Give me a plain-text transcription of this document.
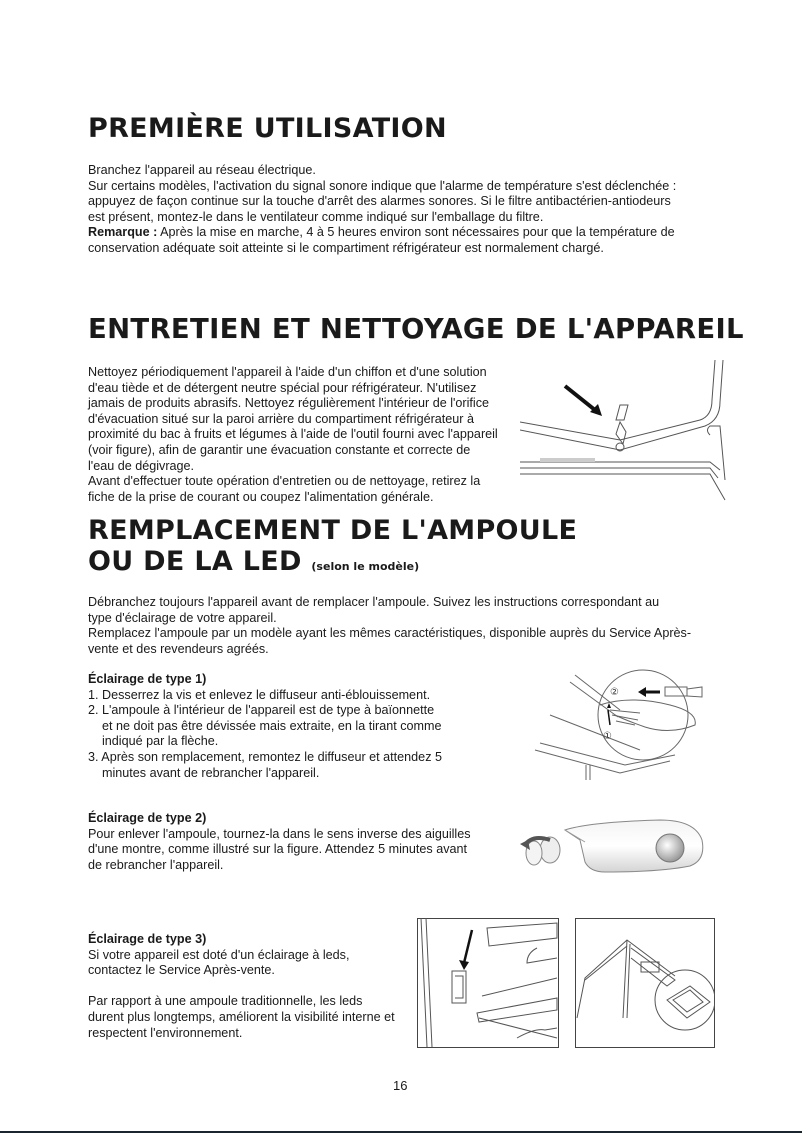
PREMIÈRE UTILISATION
Branchez l'appareil au réseau électrique.
Sur certains modèles, l'activation du signal sonore indique que l'alarme de température s'est déclenchée :
appuyez de façon continue sur la touche d'arrêt des alarmes sonores. Si le filtre antibactérien-antiodeurs
est présent, montez-le dans le ventilateur comme indiqué sur l'emballage du filtre.
Remarque : Après la mise en marche, 4 à 5 heures environ sont nécessaires pour que la température de
conservation adéquate soit atteinte si le compartiment réfrigérateur est normalement chargé.
ENTRETIEN ET NETTOYAGE DE L'APPAREIL
Nettoyez périodiquement l'appareil à l'aide d'un chiffon et d'une solution
d'eau tiède et de détergent neutre spécial pour réfrigérateur. N'utilisez
jamais de produits abrasifs. Nettoyez régulièrement l'intérieur de l'orifice
d'évacuation situé sur la paroi arrière du compartiment réfrigérateur à
proximité du bac à fruits et légumes à l'aide de l'outil fourni avec l'appareil
(voir figure), afin de garantir une évacuation constante et correcte de
l'eau de dégivrage.
Avant d'effectuer toute opération d'entretien ou de nettoyage, retirez la
fiche de la prise de courant ou coupez l'alimentation générale.
REMPLACEMENT DE L'AMPOULE
OU DE LA LED (selon le modèle)
Débranchez toujours l'appareil avant de remplacer l'ampoule. Suivez les instructions correspondant au
type d'éclairage de votre appareil.
Remplacez l'ampoule par un modèle ayant les mêmes caractéristiques, disponible auprès du Service Après-
vente et des revendeurs agréés.
Éclairage de type 1)
1. Desserrez la vis et enlevez le diffuseur anti-éblouissement.
2. L'ampoule à l'intérieur de l'appareil est de type à baïonnette
et ne doit pas être dévissée mais extraite, en la tirant comme
indiqué par la flèche.
3. Après son remplacement, remontez le diffuseur et attendez 5
minutes avant de rebrancher l'appareil.
②
①
Éclairage de type 2)
Pour enlever l'ampoule, tournez-la dans le sens inverse des aiguilles
d'une montre, comme illustré sur la figure. Attendez 5 minutes avant
de rebrancher l'appareil.
Éclairage de type 3)
Si votre appareil est doté d'un éclairage à leds,
contactez le Service Après-vente.
Par rapport à une ampoule traditionnelle, les leds
durent plus longtemps, améliorent la visibilité interne et
respectent l'environnement.
16
